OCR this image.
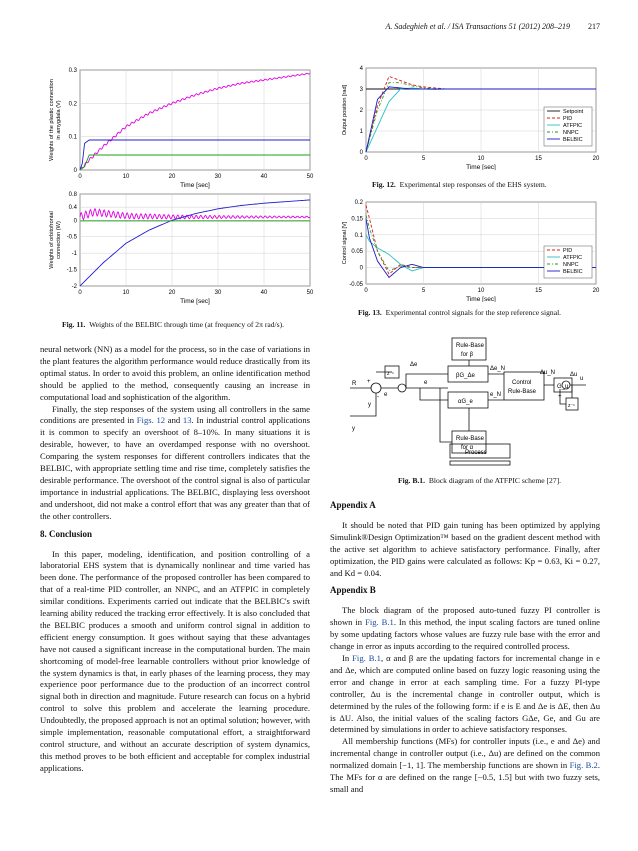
A. Sadeghieh et al. / ISA Transactions 51 (2012) 208–219 217
0	10	20	30	40	50
0
0.1
0.2
0.3
Time [sec]
Weights of the plastic connection in amygdala (V)
0	10	20	30	40	50
-2
-1.5
-1
-0.5
0
0.4
0.8
Time [sec]
Weights of orbitofrontal connection (W)
Fig. 11. Weights of the BELBIC through time (at frequency of 2π rad/s).
0	5	10	15	20
0
1
2
3
4
Time [sec]
Output position [rad]	Setpoint
PID
ATFPIC
NNPC
BELBIC
Fig. 12. Experimental step responses of the EHS system.
0	5	10	15	20
-0.05
0
0.05
0.1
0.15
0.2
Time [sec]
Control signal [V]	PID
ATFPIC
NNPC
BELBIC
Fig. 13. Experimental control signals for the step reference signal.
Rule-Base
for β
Rule-Base
for α
βG_Δe
αG_e
Control
Rule-Base
G_u
Process
R
y
y
e
e
Δe
Δe_N
e_N
Δu_N Δu
u
+
-	+
z⁻¹
z⁻¹
Fig. B.1. Block diagram of the ATFPIC scheme [27].

neural network (NN) as a model for the process, so in the case of variations in the plant features the algorithm performance would reduce drastically from its optimal status. In order to avoid this problem, an online identification method should be applied to the method, consequently causing an increase in computational load and sophistication of the algorithm.

Finally, the step responses of the system using all controllers in the same conditions are presented in Figs. 12 and 13. In industrial control applications it is common to specify an overshoot of 8–10%. In many situations it is desirable, however, to have an overdamped response with no overshoot. Comparing the system responses for different controllers indicates that the BELBIC, with appropriate settling time and rise time, completely satisfies the desirable performance. The overshoot of the control signal is also of particular importance in industrial applications. The BELBIC, displaying less overshoot and undershoot, did not make a control effort that was any greater than that of the other controllers.

8. Conclusion

In this paper, modeling, identification, and position controlling of a laboratorial EHS system that is dynamically nonlinear and time varied has been done. The performance of the proposed controller has been compared to that of a real-time PID controller, an NNPC, and an ATFPIC in completely similar conditions. Experiments carried out indicate that the BELBIC's swift learning ability reduced the tracking error effectively. It is also concluded that the BELBIC produces a smooth and uniform control signal in addition to efficient energy consumption. It goes without saying that these advantages have not caused a significant increase in the computational burden. The main shortcoming of model-free learnable controllers without prior knowledge of the system dynamics is that, in early phases of the learning process, they may experience poor performance due to the production of an incorrect control signal both in direction and magnitude. Future research can focus on a hybrid control to solve this problem and accelerate the learning procedure. Undoubtedly, the proposed approach is not an optimal solution; however, with simple implementation, reasonable computational effort, a straightforward control structure, and without an accurate description of system dynamics, this method proves to be both efficient and acceptable for complex industrial applications.

Appendix A

It should be noted that PID gain tuning has been optimized by applying Simulink®Design Optimization™ based on the gradient descent method with the active set algorithm to achieve satisfactory performance. Finally, after optimization, the PID gains were calculated as follows: Kp = 0.63, Ki = 0.27, and Kd = 0.04.

Appendix B

The block diagram of the proposed auto-tuned fuzzy PI controller is shown in Fig. B.1. In this method, the input scaling factors are tuned online by some updating factors whose values are fuzzy rule base with the error and change in error as inputs according to the required controlled process.

In Fig. B.1, α and β are the updating factors for incremental change in e and Δe, which are computed online based on fuzzy logic reasoning using the error and change in error at each sampling time. For a fuzzy PI-type controller, Δu is the incremental change in controller output, which is determined by the rules of the following form: if e is E and Δe is ΔE, then Δu is ΔU. Also, the initial values of the scaling factors GΔe, Ge, and Gu are determined by simulations in order to achieve satisfactory responses.

All membership functions (MFs) for controller inputs (i.e., e and Δe) and incremental change in controller output (i.e., Δu) are defined on the common normalized domain [−1, 1]. The membership functions are shown in Fig. B.2. The MFs for α are defined on the range [−0.5, 1.5] but with two fuzzy sets, small and
